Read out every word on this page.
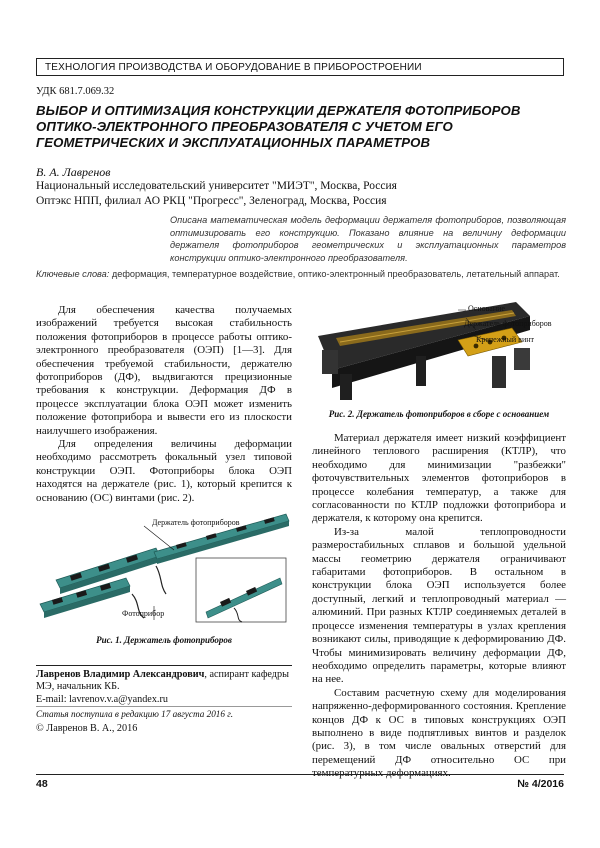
ТЕХНОЛОГИЯ ПРОИЗВОДСТВА И ОБОРУДОВАНИЕ В ПРИБОРОСТРОЕНИИ
УДК 681.7.069.32
ВЫБОР И ОПТИМИЗАЦИЯ КОНСТРУКЦИИ ДЕРЖАТЕЛЯ ФОТОПРИБОРОВ ОПТИКО-ЭЛЕКТРОННОГО ПРЕОБРАЗОВАТЕЛЯ С УЧЕТОМ ЕГО ГЕОМЕТРИЧЕСКИХ И ЭКСПЛУАТАЦИОННЫХ ПАРАМЕТРОВ
В. А. Лавренов
Национальный исследовательский университет "МИЭТ", Москва, Россия
Оптэкс НПП, филиал АО РКЦ "Прогресс", Зеленоград, Москва, Россия
Описана математическая модель деформации держателя фотоприборов, позволяющая оптимизировать его конструкцию. Показано влияние на величину деформации держателя фотоприборов геометрических и эксплуатационных параметров конструкции оптико-электронного преобразователя.
Ключевые слова: деформация, температурное воздействие, оптико-электронный преобразователь, летательный аппарат.

Для обеспечения качества получаемых изображений требуется высокая стабильность положения фотоприборов в процессе работы оптико-электронного преобразователя (ОЭП) [1—3]. Для обеспечения требуемой стабильности, держателю фотоприборов (ДФ), выдвигаются прецизионные требования к конструкции. Деформация ДФ в процессе эксплуатации блока ОЭП может изменить положение фотоприбора и вывести его из плоскости наилучшего изображения.

Для определения величины деформации необходимо рассмотреть фокальный узел типовой конструкции ОЭП. Фотоприборы блока ОЭП находятся на держателе (рис. 1), который крепится к основанию (ОС) винтами (рис. 2).

Держатель фотоприборов
Фотоприбор
Рис. 1. Держатель фотоприборов
Основание
Держатель фотоприборов
Крепежный винт
Рис. 2. Держатель фотоприборов в сборе с основанием

Материал держателя имеет низкий коэффициент линейного теплового расширения (КТЛР), что необходимо для минимизации "разбежки" фоточувствительных элементов фотоприборов в процессе колебания температур, а также для согласованности по КТЛР подложки фотоприбора и держателя, к которому она крепится.

Из-за малой теплопроводности размеростабильных сплавов и большой удельной массы геометрию держателя ограничивают габаритами фотоприборов. В остальном в конструкции блока ОЭП используется более доступный, легкий и теплопроводный материал — алюминий. При разных КТЛР соединяемых деталей в процессе изменения температуры в узлах крепления возникают силы, приводящие к деформированию ДФ. Чтобы минимизировать величину деформации ДФ, необходимо определить параметры, которые влияют на нее.

Составим расчетную схему для моделирования напряженно-деформированного состояния. Крепление концов ДФ к ОС в типовых конструкциях ОЭП выполнено в виде подпятливых винтов и разделок (рис. 3), в том числе овальных отверстий для перемещений ДФ относительно ОС при температурных деформациях.

Лавренов Владимир Александрович, аспирант кафедры МЭ, начальник КБ.
E-mail: lavrenov.v.a@yandex.ru
Статья поступила в редакцию 17 августа 2016 г.
© Лавренов В. А., 2016
48	№ 4/2016
